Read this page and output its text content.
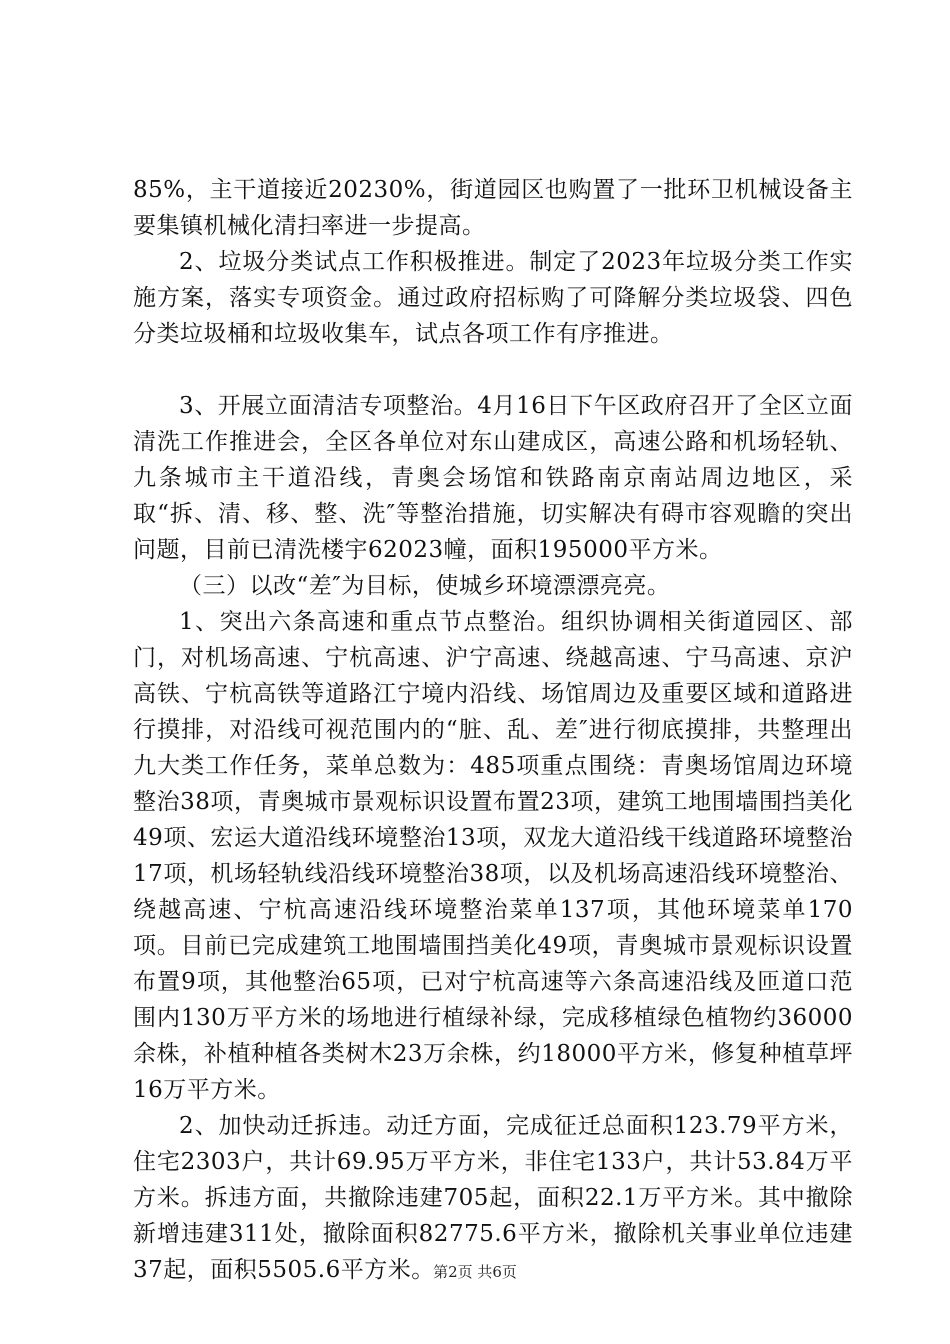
85%，主干道接近20230%，街道园区也购置了一批环卫机械设备主要集镇机械化清扫率进一步提高。

2、垃圾分类试点工作积极推进。制定了2023年垃圾分类工作实施方案，落实专项资金。通过政府招标购了可降解分类垃圾袋、四色分类垃圾桶和垃圾收集车，试点各项工作有序推进。

3、开展立面清洁专项整治。4月16日下午区政府召开了全区立面清洗工作推进会，全区各单位对东山建成区，高速公路和机场轻轨、九条城市主干道沿线，青奥会场馆和铁路南京南站周边地区，采取“拆、清、移、整、洗″等整治措施，切实解决有碍市容观瞻的突出问题，目前已清洗楼宇62023幢，面积195000平方米。

（三）以改“差″为目标，使城乡环境漂漂亮亮。

1、突出六条高速和重点节点整治。组织协调相关街道园区、部门，对机场高速、宁杭高速、沪宁高速、绕越高速、宁马高速、京沪高铁、宁杭高铁等道路江宁境内沿线、场馆周边及重要区域和道路进行摸排，对沿线可视范围内的“脏、乱、差″进行彻底摸排，共整理出九大类工作任务，菜单总数为：485项重点围绕：青奥场馆周边环境整治38项，青奥城市景观标识设置布置23项，建筑工地围墙围挡美化49项、宏运大道沿线环境整治13项，双龙大道沿线干线道路环境整治17项，机场轻轨线沿线环境整治38项，以及机场高速沿线环境整治、绕越高速、宁杭高速沿线环境整治菜单137项，其他环境菜单170项。目前已完成建筑工地围墙围挡美化49项，青奥城市景观标识设置布置9项，其他整治65项，已对宁杭高速等六条高速沿线及匝道口范围内130万平方米的场地进行植绿补绿，完成移植绿色植物约36000余株，补植种植各类树木23万余株，约18000平方米，修复种植草坪16万平方米。

2、加快动迁拆违。动迁方面，完成征迁总面积123.79平方米，住宅2303户，共计69.95万平方米，非住宅133户，共计53.84万平方米。拆违方面，共撤除违建705起，面积22.1万平方米。其中撤除新增违建311处，撤除面积82775.6平方米，撤除机关事业单位违建37起，面积5505.6平方米。

第2页 共6页
